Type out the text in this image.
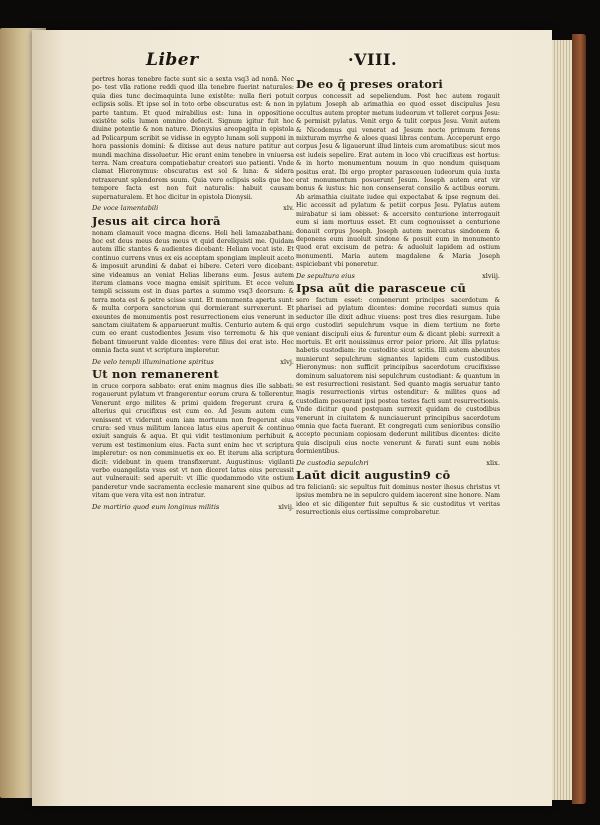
Liber	·VIII.
pertres horas tenebre facte sunt sic a sexta vsq3 ad nonã. Nec po- test vlla ratione reddi quod illa tenebre fuerint naturales: quia dies tunc decimaquinta lune existēte: nulla fieri potuit eclipsis solis. Et ipse sol in toto orbe obscuratus est: & non in parte tantum. Et quod mirabilius est: luna in oppositione existēte solis lumen omnino defecit. Signum igitur fuit hoc diuine potentie & non nature. Dionysius areopagita in epistola ad Policarpum scribit se vidisse in egypto lunam soli supponi in hora passionis domini: & dixisse aut deus nature patitur aut mundi machina dissoluetur. Hic erant enim tenebre in vniuersa terra. Nam creatura compatiebatur creatori suo patienti. Vnde clamat Hieronymus: obscuratus est sol & luna: & sidera retraxerunt splendorem suum. Quia vero eclipsis solis que hoc tempore facta est non fuit naturalis: habuit causam supernaturalem. Et hoc dicitur in epistola Dionysii.
De voce lamentabili	xlv.
Jesus ait circa horā
nonam clamauit voce magna dicens. Heli heli lamazabathani: hoc est deus meus deus meus vt quid dereliquisti me. Quidam autem illic stantes & audientes dicebant: Heliam vocat iste. Et continuo currens vnus ex eis acceptam spongiam impleuit aceto & imposuit arundini & dabat ei bibere. Ceteri vero dicebant: sine videamus an veniat Helias liberans eum. Jesus autem iterum clamans voce magna emisit spiritum. Et ecce velum templi scissum est in duas partes a summo vsq3 deorsum: & terra mota est & petre scisse sunt. Et monumenta aperta sunt: & multa corpora sanctorum qui dormierant surrexerunt. Et exeuntes de monumentis post resurrectionem eius venerunt in sanctam ciuitatem & apparuerunt multis. Centurio autem & qui cum eo erant custodientes Jesum viso terremotu & his que fiebant timuerunt valde dicentes: vere filius dei erat iste. Hec omnia facta sunt vt scriptura impleretur.
De velo templi illuminatione spiritus	xlvj.
Ut non remanerent
in cruce corpora sabbato: erat enim magnus dies ille sabbati: rogauerunt pylatum vt frangerentur eorum crura & tollerentur. Venerunt ergo milites & primi quidem fregerunt crura & alterius qui crucifixus est cum eo. Ad Jesum autem cum venissent vt viderunt eum iam mortuum non fregerunt eius crura: sed vnus militum lancea latus eius aperuit & continuo exiuit sanguis & aqua. Et qui vidit testimonium perhibuit & verum est testimonium eius. Facta sunt enim hec vt scriptura impleretur: os non comminuetis ex eo. Et iterum alia scriptura dicit: videbunt in quem transfixerunt. Augustinus: vigilanti verbo euangelista vsus est vt non diceret latus eius percussit aut vulnerauit: sed aperuit: vt illic quodammodo vite ostium panderetur vnde sacramenta ecclesie manarent sine quibus ad vitam que vera vita est non intratur.
De martirio quod eum longinus militis	xlvij.
De eo q̄ preses oratori
corpus concessit ad sepeliendum. Post hec autem rogauit pylatum Joseph ab arimathia eo quod esset discipulus Jesu occultus autem propter metum iudeorum vt tolleret corpus Jesu: & permisit pylatus. Venit ergo & tulit corpus Jesu. Venit autem & Nicodemus qui venerat ad Jesum nocte primum ferens mixturam myrrhe & aloes quasi libras centum. Acceperunt ergo corpus Jesu & ligauerunt illud linteis cum aromatibus: sicut mos est iudeis sepelire. Erat autem in loco vbi crucifixus est hortus: & in horto monumentum nouum in quo nondum quisquam positus erat. Ibi ergo propter parasceuen iudeorum quia iuxta erat monumentum posuerunt Jesum. Ioseph autem erat vir bonus & iustus: hic non consenserat consilio & actibus eorum. Ab arimathia ciuitate iudee qui expectabat & ipse regnum dei. Hic accessit ad pylatum & petiit corpus Jesu. Pylatus autem mirabatur si iam obisset: & accersito centurione interrogauit eum si iam mortuus esset. Et cum cognouisset a centurione donauit corpus Joseph. Joseph autem mercatus sindonem & deponens eum inuoluit sindone & posuit eum in monumento quod erat excisum de petra: & aduoluit lapidem ad ostium monumenti. Maria autem magdalene & Maria Joseph aspiciebant vbi poneretur.
De sepultura eius	xlviij.
Ipsa aūt die parasceue cū
sero factum esset: conuenerunt principes sacerdotum & pharisei ad pylatum dicentes: domine recordati sumus quia seductor ille dixit adhuc viuens: post tres dies resurgam. Iube ergo custodiri sepulchrum vsque in diem tertium ne forte veniant discipuli eius & furentur eum & dicant plebi: surrexit a mortuis. Et erit nouissimus error peior priore. Ait illis pylatus: habetis custodiam: ite custodite sicut scitis. Illi autem abeuntes munierunt sepulchrum signantes lapidem cum custodibus. Hieronymus: non sufficit principibus sacerdotum crucifixisse dominum saluatorem nisi sepulchrum custodiant: & quantum in se est resurrectioni resistant. Sed quanto magis seruatur tanto magis resurrectionis virtus ostenditur: & milites quos ad custodiam posuerant ipsi postea testes facti sunt resurrectionis. Vnde dicitur quod postquam surrexit quidam de custodibus venerunt in ciuitatem & nunciauerunt principibus sacerdotum omnia que facta fuerant. Et congregati cum senioribus consilio accepto pecuniam copiosam dederunt militibus dicentes: dicite quia discipuli eius nocte venerunt & furati sunt eum nobis dormientibus.
De custodia sepulchri	xlix.
Laūt dicit augustin9 cō
tra felicianū: sic sepultus fuit dominus noster ihesus christus vt ipsius membra ne in sepulcro quidem iacerent sine honore. Nam ideo et sic diligenter fuit sepultus & sic custoditus vt veritas resurrectionis eius certissime comprobaretur.
